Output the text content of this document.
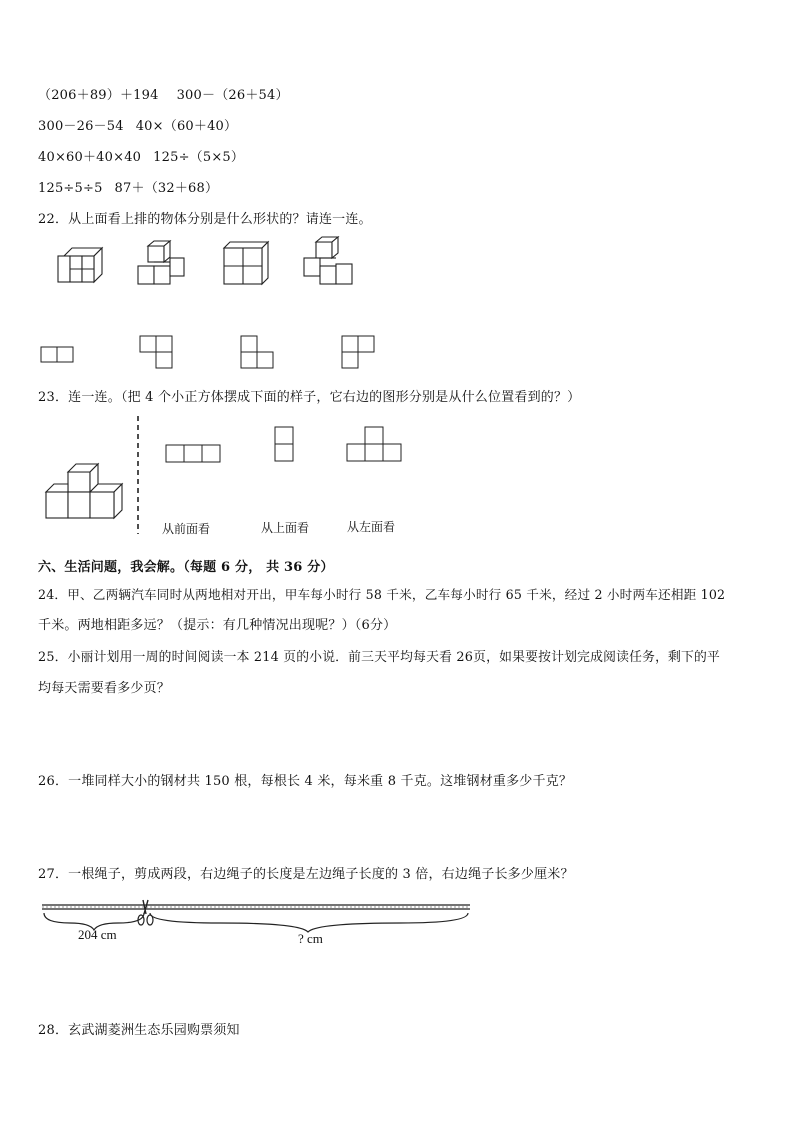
（206＋89）＋194 300－（26＋54）
300－26－54 40×（60＋40）
40×60＋40×40 125÷（5×5）
125÷5÷5 87＋（32＋68）
22．从上面看上排的物体分别是什么形状的？请连一连。
23．连一连。（把 4 个小正方体摆成下面的样子，它右边的图形分别是从什么位置看到的？）
从前面看	从上面看	从左面看
六、生活问题，我会解。（每题 6 分， 共 36 分）
24．甲、乙两辆汽车同时从两地相对开出，甲车每小时行 58 千米，乙车每小时行 65 千米，经过 2 小时两车还相距 102
千米。两地相距多远？（提示：有几种情况出现呢？）（6分）
25．小丽计划用一周的时间阅读一本 214 页的小说．前三天平均每天看 26页，如果要按计划完成阅读任务，剩下的平
均每天需要看多少页？
26．一堆同样大小的钢材共 150 根，每根长 4 米，每米重 8 千克。这堆钢材重多少千克？
27．一根绳子，剪成两段，右边绳子的长度是左边绳子长度的 3 倍，右边绳子长多少厘米？
204 cm	? cm
28．玄武湖菱洲生态乐园购票须知
